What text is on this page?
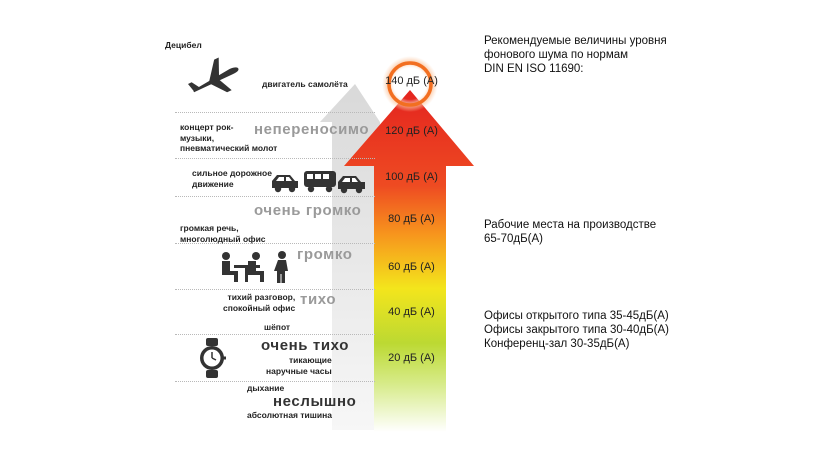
Децибел
двигатель самолёта
концерт рок-
музыки,
пневматический молот
непереносимо
сильное дорожное
движение
очень громко
громкая речь,
многолюдный офис
громко
тихий разговор,
спокойный офис тихо
шёпот
очень тихо
тикающие
наручные часы
дыхание
неслышно
абсолютная тишина
140 дБ (А)
120 дБ (А)
100 дБ (А)
80 дБ (А)
60 дБ (А)
40 дБ (А)
20 дБ (А)
Рекомендуемые величины уровня
фонового шума по нормам
DIN EN ISO 11690:
Рабочие места на производстве
65-70дБ(А)
Офисы открытого типа 35-45дБ(А)
Офисы закрытого типа 30-40дБ(А)
Конференц-зал 30-35дБ(А)
